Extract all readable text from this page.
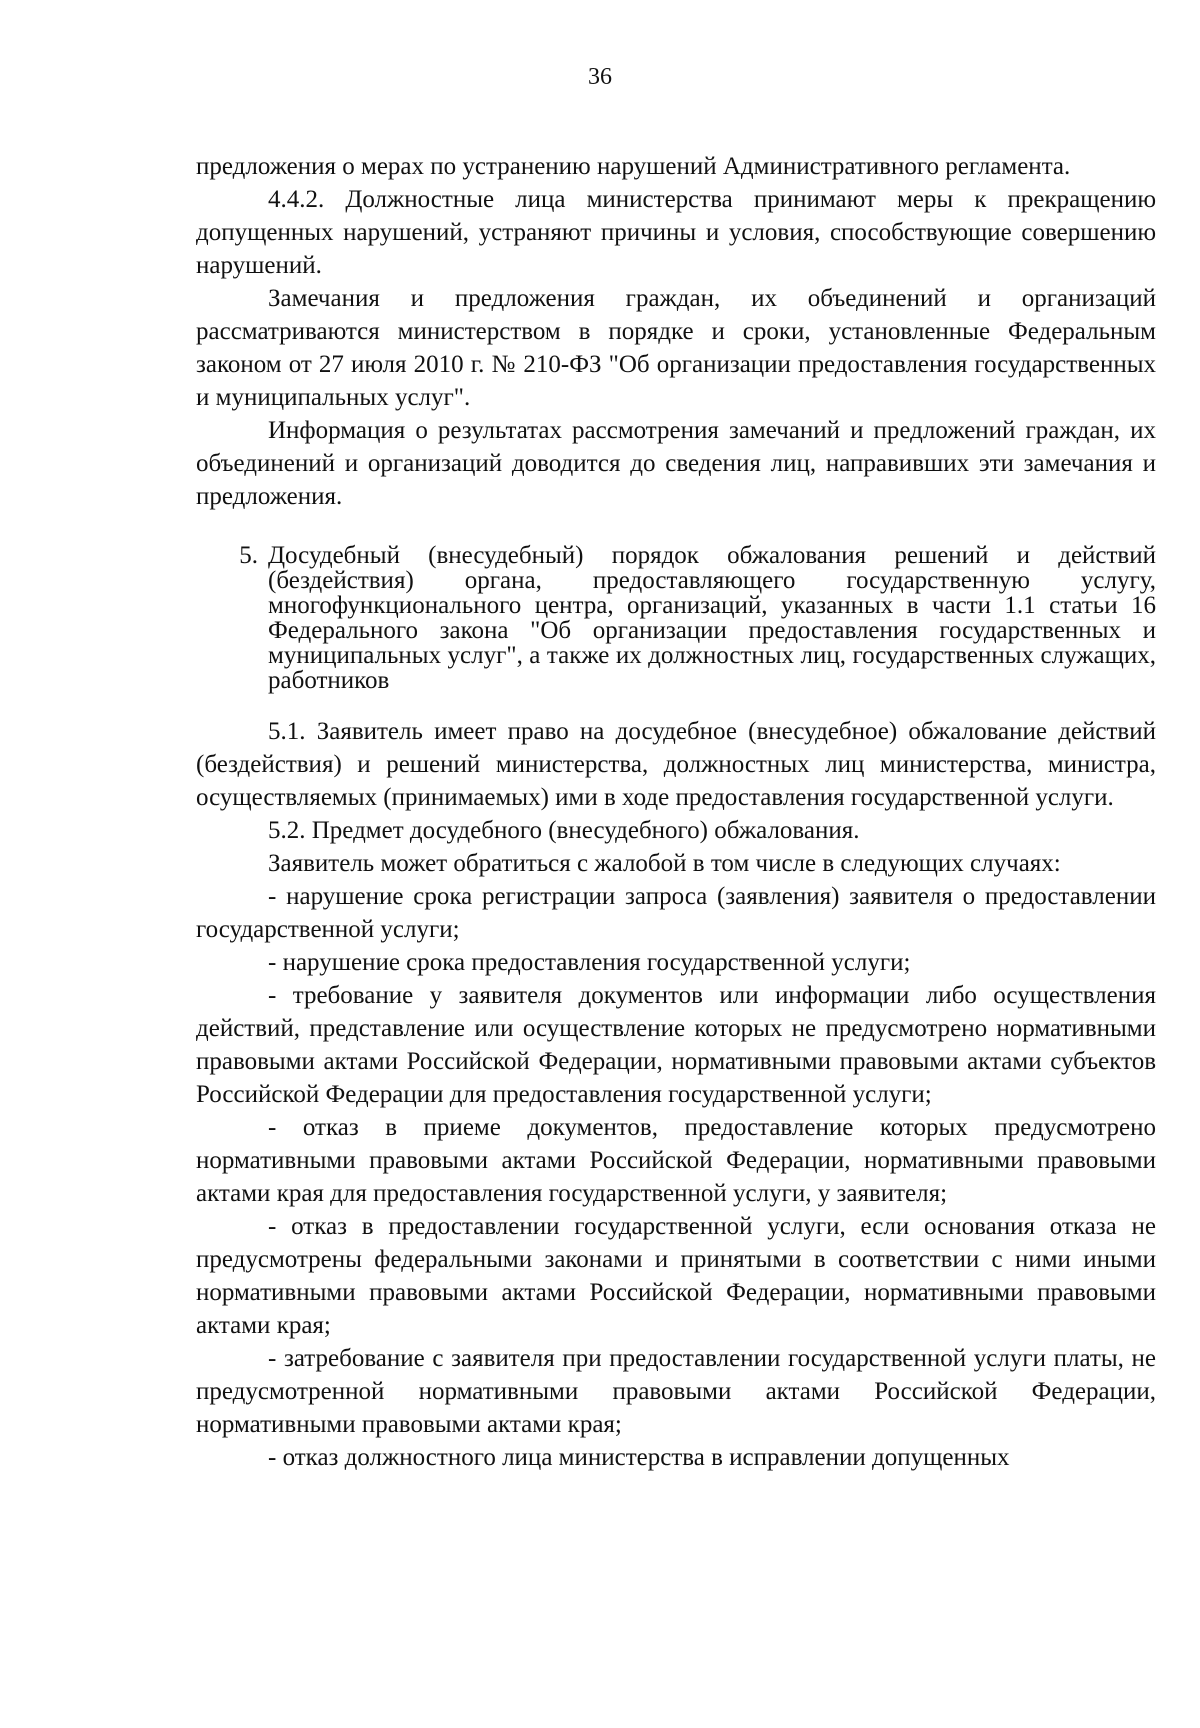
36

предложения о мерах по устранению нарушений Административного регламента.

4.4.2. Должностные лица министерства принимают меры к прекращению допущенных нарушений, устраняют причины и условия, способствующие совершению нарушений.

Замечания и предложения граждан, их объединений и организаций рассматриваются министерством в порядке и сроки, установленные Федеральным законом от 27 июля 2010 г. № 210-ФЗ "Об организации предоставления государственных и муниципальных услуг".

Информация о результатах рассмотрения замечаний и предложений граждан, их объединений и организаций доводится до сведения лиц, направивших эти замечания и предложения.

5. Досудебный (внесудебный) порядок обжалования решений и действий (бездействия) органа, предоставляющего государственную услугу, многофункционального центра, организаций, указанных в части 1.1 статьи 16 Федерального закона "Об организации предоставления государственных и муниципальных услуг", а также их должностных лиц, государственных служащих, работников

5.1. Заявитель имеет право на досудебное (внесудебное) обжалование действий (бездействия) и решений министерства, должностных лиц министерства, министра, осуществляемых (принимаемых) ими в ходе предоставления государственной услуги.

5.2. Предмет досудебного (внесудебного) обжалования.

Заявитель может обратиться с жалобой в том числе в следующих случаях:

- нарушение срока регистрации запроса (заявления) заявителя о предоставлении государственной услуги;

- нарушение срока предоставления государственной услуги;

- требование у заявителя документов или информации либо осуществления действий, представление или осуществление которых не предусмотрено нормативными правовыми актами Российской Федерации, нормативными правовыми актами субъектов Российской Федерации для предоставления государственной услуги;

- отказ в приеме документов, предоставление которых предусмотрено нормативными правовыми актами Российской Федерации, нормативными правовыми актами края для предоставления государственной услуги, у заявителя;

- отказ в предоставлении государственной услуги, если основания отказа не предусмотрены федеральными законами и принятыми в соответствии с ними иными нормативными правовыми актами Российской Федерации, нормативными правовыми актами края;

- затребование с заявителя при предоставлении государственной услуги платы, не предусмотренной нормативными правовыми актами Российской Федерации, нормативными правовыми актами края;

- отказ должностного лица министерства в исправлении допущенных
